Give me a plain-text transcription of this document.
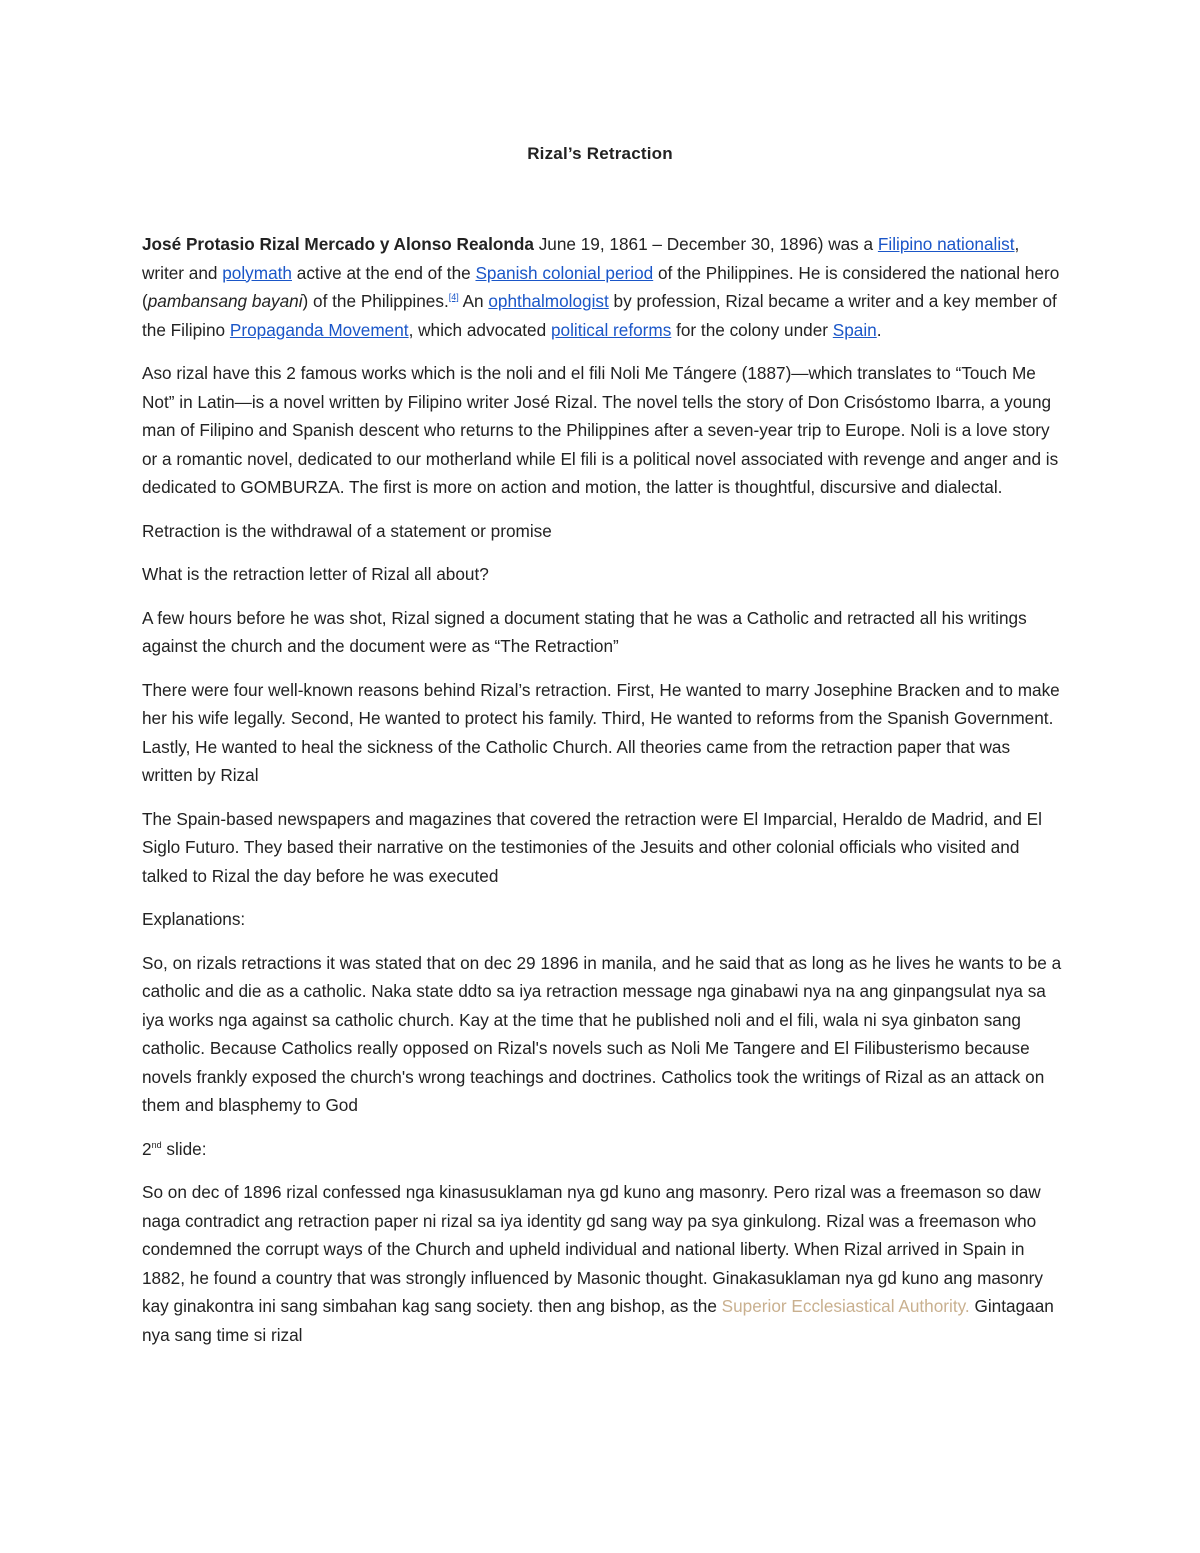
Rizal’s Retraction

José Protasio Rizal Mercado y Alonso Realonda June 19, 1861 – December 30, 1896) was a Filipino nationalist, writer and polymath active at the end of the Spanish colonial period of the Philippines. He is considered the national hero (pambansang bayani) of the Philippines.[4] An ophthalmologist by profession, Rizal became a writer and a key member of the Filipino Propaganda Movement, which advocated political reforms for the colony under Spain.

Aso rizal have this 2 famous works which is the noli and el fili Noli Me Tángere (1887)—which translates to “Touch Me Not” in Latin—is a novel written by Filipino writer José Rizal. The novel tells the story of Don Crisóstomo Ibarra, a young man of Filipino and Spanish descent who returns to the Philippines after a seven-year trip to Europe. Noli is a love story or a romantic novel, dedicated to our motherland while El fili is a political novel associated with revenge and anger and is dedicated to GOMBURZA. The first is more on action and motion, the latter is thoughtful, discursive and dialectal.

Retraction is the withdrawal of a statement or promise

What is the retraction letter of Rizal all about?

A few hours before he was shot, Rizal signed a document stating that he was a Catholic and retracted all his writings against the church and the document were as “The Retraction”

There were four well-known reasons behind Rizal’s retraction. First, He wanted to marry Josephine Bracken and to make her his wife legally. Second, He wanted to protect his family. Third, He wanted to reforms from the Spanish Government. Lastly, He wanted to heal the sickness of the Catholic Church. All theories came from the retraction paper that was written by Rizal

The Spain-based newspapers and magazines that covered the retraction were El Imparcial, Heraldo de Madrid, and El Siglo Futuro. They based their narrative on the testimonies of the Jesuits and other colonial officials who visited and talked to Rizal the day before he was executed

Explanations:

So, on rizals retractions it was stated that on dec 29 1896 in manila, and he said that as long as he lives he wants to be a catholic and die as a catholic. Naka state ddto sa iya retraction message nga ginabawi nya na ang ginpangsulat nya sa iya works nga against sa catholic church. Kay at the time that he published noli and el fili, wala ni sya ginbaton sang catholic. Because Catholics really opposed on Rizal's novels such as Noli Me Tangere and El Filibusterismo because novels frankly exposed the church's wrong teachings and doctrines. Catholics took the writings of Rizal as an attack on them and blasphemy to God

2nd slide:

So on dec of 1896 rizal confessed nga kinasusuklaman nya gd kuno ang masonry. Pero rizal was a freemason so daw naga contradict ang retraction paper ni rizal sa iya identity gd sang way pa sya ginkulong. Rizal was a freemason who condemned the corrupt ways of the Church and upheld individual and national liberty. When Rizal arrived in Spain in 1882, he found a country that was strongly influenced by Masonic thought. Ginakasuklaman nya gd kuno ang masonry kay ginakontra ini sang simbahan kag sang society. then ang bishop, as the Superior Ecclesiastical Authority. Gintagaan nya sang time si rizal
